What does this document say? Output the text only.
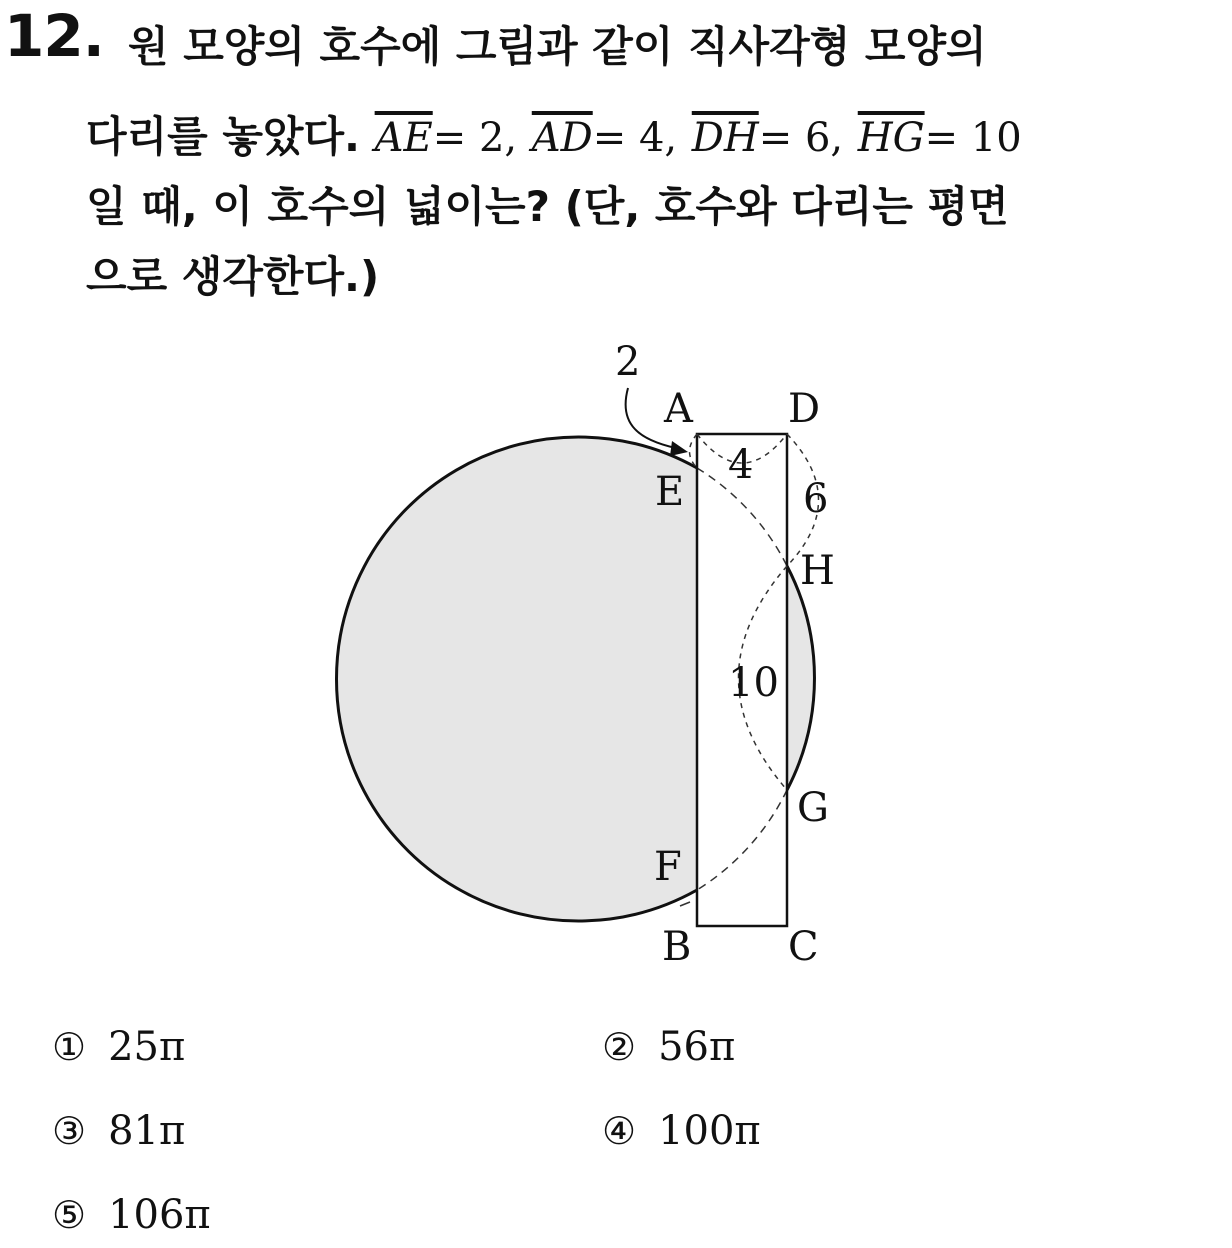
12. 원 모양의 호수에 그림과 같이 직사각형 모양의
다리를 놓았다. $\overline{AE}= 2$, $\overline{AD}= 4$, $\overline{DH}= 6$, $\overline{HG}= 10$
일 때, 이 호수의 넓이는? (단, 호수와 다리는 평면
으로 생각한다.)
2
A D
4
E	6
H
10
G
F
B C
① 25π	② 56π
③ 81π	④ 100π
⑤ 106π
